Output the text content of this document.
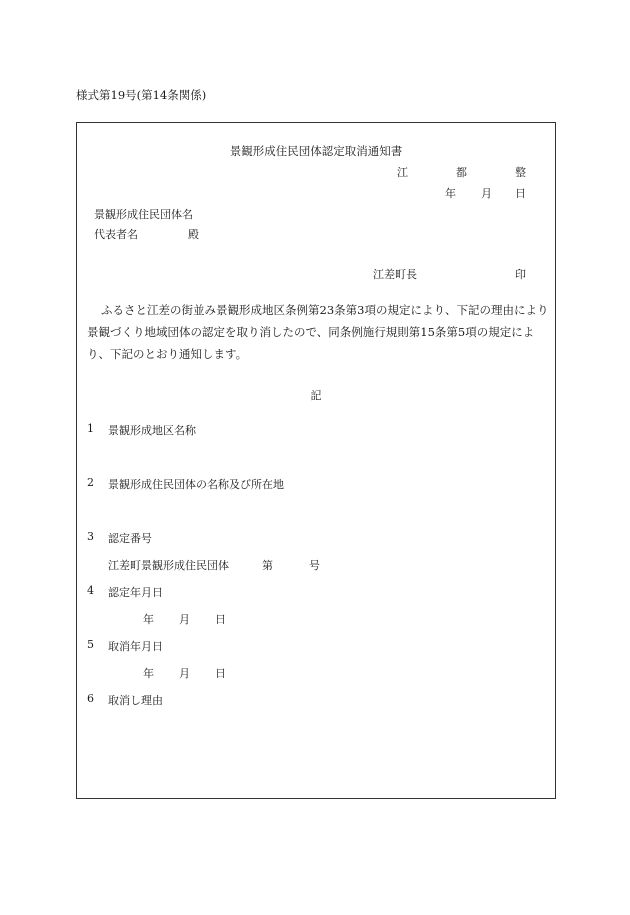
様式第19号(第14条関係)
景観形成住民団体認定取消通知書
江	都	整
年 月 日
景観形成住民団体名
代表者名	殿
江差町長	印
ふるさと江差の街並み景観形成地区条例第23条第3項の規定により、下記の理由により景観づくり地域団体の認定を取り消したので、同条例施行規則第15条第5項の規定により、下記のとおり通知します。
記
1 景観形成地区名称
2 景観形成住民団体の名称及び所在地
3 認定番号
江差町景観形成住民団体	第	号
4 認定年月日
年 月 日
5 取消年月日
年 月 日
6 取消し理由
